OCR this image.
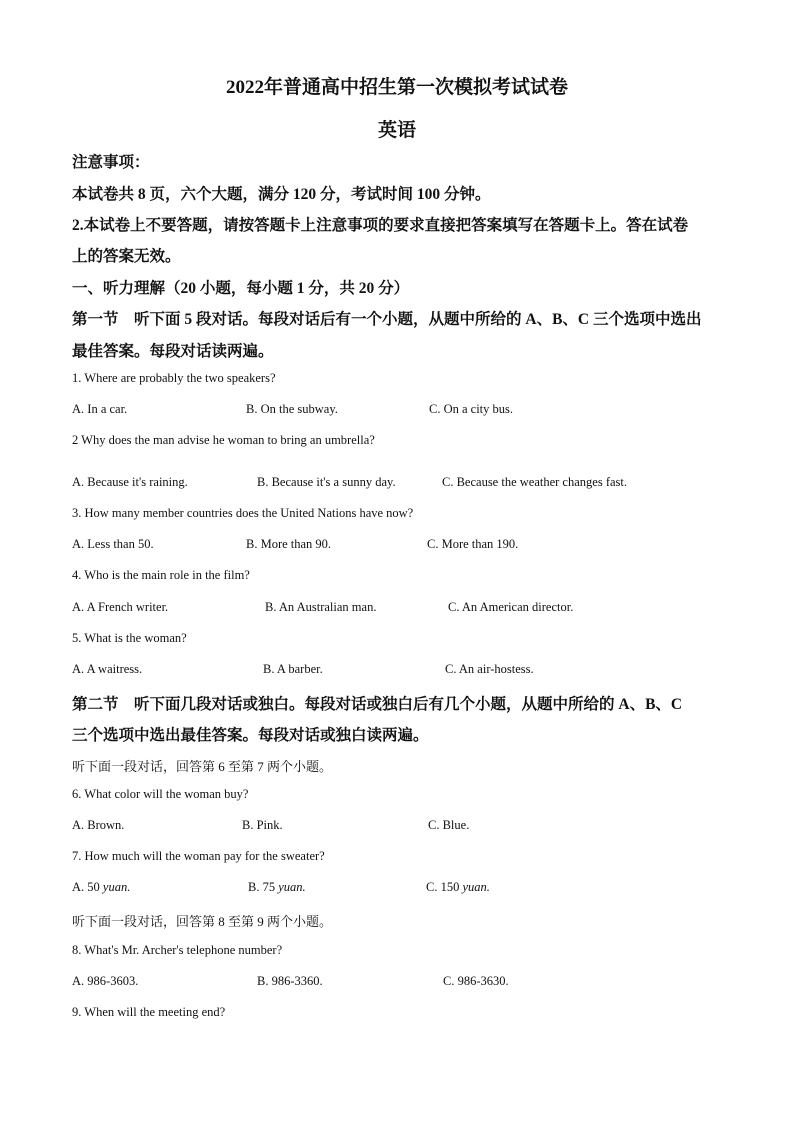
2022年普通高中招生第一次模拟考试试卷
英语
注意事项：
本试卷共 8 页，六个大题，满分 120 分，考试时间 100 分钟。
2.本试卷上不要答题，请按答题卡上注意事项的要求直接把答案填写在答题卡上。答在试卷
上的答案无效。
一、听力理解（20 小题，每小题 1 分，共 20 分）
第一节　听下面 5 段对话。每段对话后有一个小题，从题中所给的 A、B、C 三个选项中选出
最佳答案。每段对话读两遍。
1. Where are probably the two speakers?
A. In a car.	B. On the subway.	C. On a city bus.
2 Why does the man advise he woman to bring an umbrella?
A. Because it's raining.	B. Because it's a sunny day.	C. Because the weather changes fast.
3. How many member countries does the United Nations have now?
A. Less than 50.	B. More than 90.	C. More than 190.
4. Who is the main role in the film?
A. A French writer.	B. An Australian man.	C. An American director.
5. What is the woman?
A. A waitress.	B. A barber.	C. An air-hostess.
第二节　听下面几段对话或独白。每段对话或独白后有几个小题，从题中所给的 A、B、C
三个选项中选出最佳答案。每段对话或独白读两遍。
听下面一段对话，回答第 6 至第 7 两个小题。
6. What color will the woman buy?
A. Brown.	B. Pink.	C. Blue.
7. How much will the woman pay for the sweater?
A. 50 yuan.	B. 75 yuan.	C. 150 yuan.
听下面一段对话，回答第 8 至第 9 两个小题。
8. What's Mr. Archer's telephone number?
A. 986-3603.	B. 986-3360.	C. 986-3630.
9. When will the meeting end?
